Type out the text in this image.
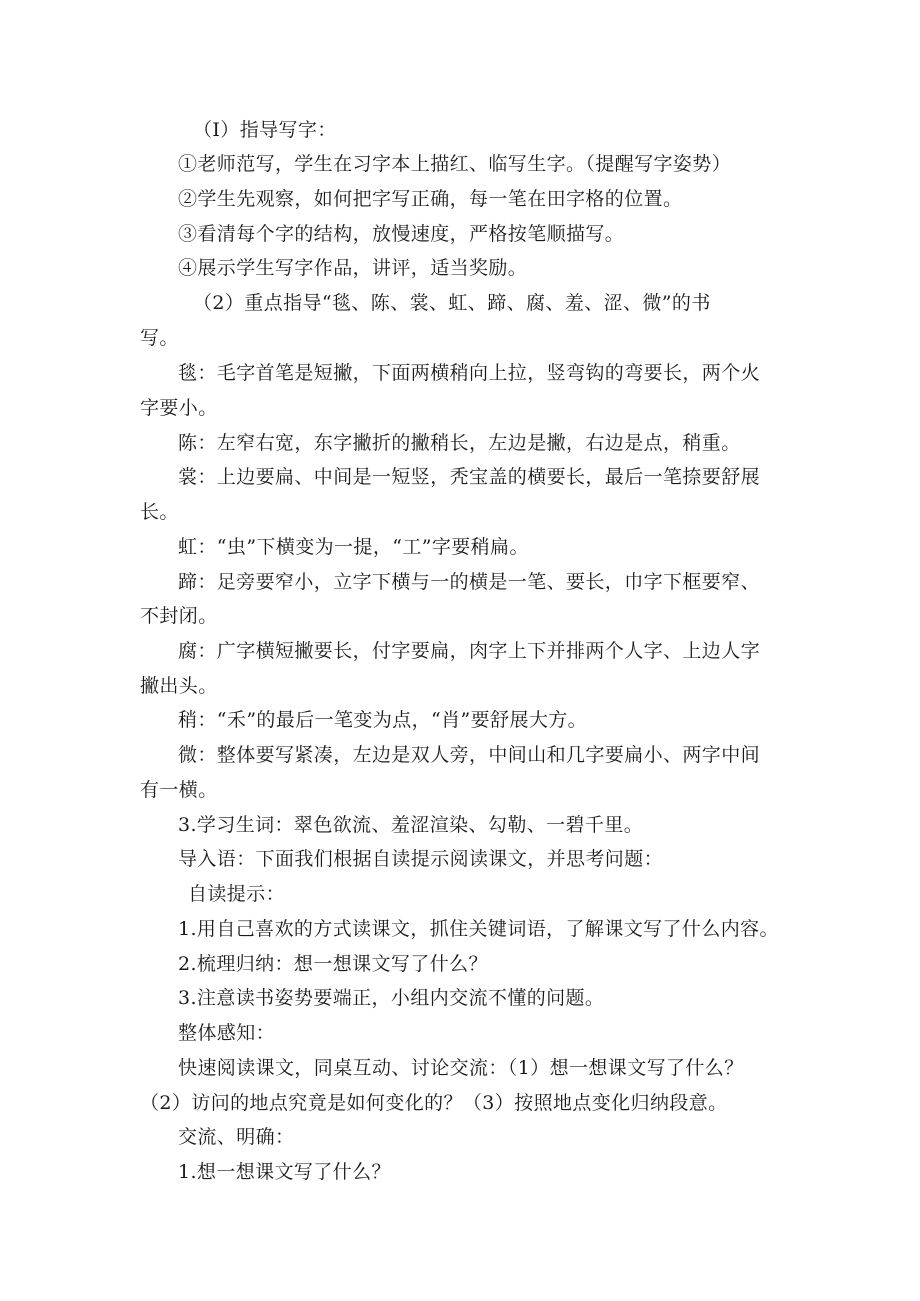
（I）指导写字：
①老师范写，学生在习字本上描红、临写生字。（提醒写字姿势）
②学生先观察，如何把字写正确，每一笔在田字格的位置。
③看清每个字的结构，放慢速度，严格按笔顺描写。
④展示学生写字作品，讲评，适当奖励。
（2）重点指导“毯、陈、裳、虹、蹄、腐、羞、涩、微”的书
写。
毯：毛字首笔是短撇，下面两横稍向上拉，竖弯钩的弯要长，两个火
字要小。
陈：左窄右宽，东字撇折的撇稍长，左边是撇，右边是点，稍重。
裳：上边要扁、中间是一短竖，秃宝盖的横要长，最后一笔捺要舒展
长。
虹：“虫”下横变为一提，“工”字要稍扁。
蹄：足旁要窄小，立字下横与一的横是一笔、要长，巾字下框要窄、
不封闭。
腐：广字横短撇要长，付字要扁，肉字上下并排两个人字、上边人字
撇出头。
稍：“禾”的最后一笔变为点，“肖”要舒展大方。
微：整体要写紧凑，左边是双人旁，中间山和几字要扁小、两字中间
有一横。
3.学习生词：翠色欲流、羞涩渲染、勾勒、一碧千里。
导入语：下面我们根据自读提示阅读课文，并思考问题：
自读提示：
1.用自己喜欢的方式读课文，抓住关键词语，了解课文写了什么内容。
2.梳理归纳：想一想课文写了什么？
3.注意读书姿势要端正，小组内交流不懂的问题。
整体感知：
快速阅读课文，同桌互动、讨论交流：（1）想一想课文写了什么？
（2）访问的地点究竟是如何变化的？（3）按照地点变化归纳段意。
交流、明确：
1.想一想课文写了什么？
